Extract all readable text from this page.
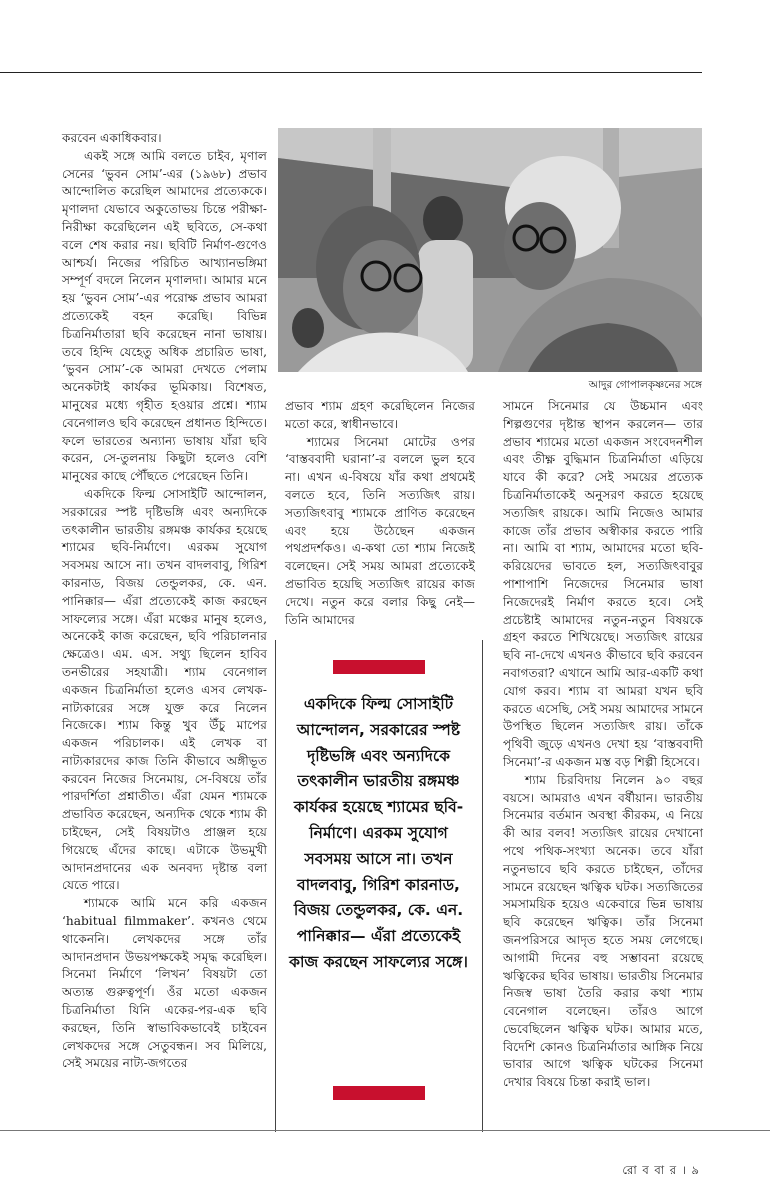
করবেন একাধিকবার।

একই সঙ্গে আমি বলতে চাইব, মৃণাল সেনের ‘ভুবন সোম’-এর (১৯৬৮) প্রভাব আন্দোলিত করেছিল আমাদের প্রত্যেককে। মৃণালদা যেভাবে অকুতোভয় চিন্তে পরীক্ষা-নিরীক্ষা করেছিলেন এই ছবিতে, সে-কথা বলে শেষ করার নয়। ছবিটি নির্মাণ-গুণেও আশ্চর্য। নিজের পরিচিত আখ্যানভঙ্গিমা সম্পূর্ণ বদলে নিলেন মৃণালদা। আমার মনে হয় ‘ভুবন সোম’-এর পরোক্ষ প্রভাব আমরা প্রত্যেকেই বহন করেছি। বিভিন্ন চিত্রনির্মাতারা ছবি করেছেন নানা ভাষায়। তবে হিন্দি যেহেতু অধিক প্রচারিত ভাষা, ‘ভুবন সোম’-কে আমরা দেখতে পেলাম অনেকটাই কার্যকর ভূমিকায়। বিশেষত, মানুষের মধ্যে গৃহীত হওয়ার প্রশ্নে। শ্যাম বেনেগালও ছবি করেছেন প্রধানত হিন্দিতে। ফলে ভারতের অন্যান্য ভাষায় যাঁরা ছবি করেন, সে-তুলনায় কিছুটা হলেও বেশি মানুষের কাছে পৌঁছতে পেরেছেন তিনি।

একদিকে ফিল্ম সোসাইটি আন্দোলন, সরকারের স্পষ্ট দৃষ্টিভঙ্গি এবং অন্যদিকে তৎকালীন ভারতীয় রঙ্গমঞ্চ কার্যকর হয়েছে শ্যামের ছবি-নির্মাণে। এরকম সুযোগ সবসময় আসে না। তখন বাদলবাবু, গিরিশ কারনাড, বিজয় তেন্ডুলকর, কে. এন. পানিক্কার— এঁরা প্রত্যেকেই কাজ করছেন সাফল্যের সঙ্গে। এঁরা মঞ্চের মানুষ হলেও, অনেকেই কাজ করেছেন, ছবি পরিচালনার ক্ষেত্রেও। এম. এস. সথ্যু ছিলেন হাবিব তনভীরের সহযাত্রী। শ্যাম বেনেগাল একজন চিত্রনির্মাতা হলেও এসব লেখক-নাট্যকারের সঙ্গে যুক্ত করে নিলেন নিজেকে। শ্যাম কিন্তু খুব উঁচু মাপের একজন পরিচালক। এই লেখক বা নাট্যকারদের কাজ তিনি কীভাবে অঙ্গীভূত করবেন নিজের সিনেমায়, সে-বিষয়ে তাঁর পারদর্শিতা প্রশ্নাতীত। এঁরা যেমন শ্যামকে প্রভাবিত করেছেন, অন্যদিক থেকে শ্যাম কী চাইছেন, সেই বিষয়টাও প্রাঞ্জল হয়ে গিয়েছে এঁদের কাছে। এটাকে উভমুখী আদানপ্রদানের এক অনবদ্য দৃষ্টান্ত বলা যেতে পারে।

শ্যামকে আমি মনে করি একজন ‘habitual filmmaker’. কখনও থেমে থাকেননি। লেখকদের সঙ্গে তাঁর আদানপ্রদান উভয়পক্ষকেই সমৃদ্ধ করেছিল। সিনেমা নির্মাণে ‘লিখন’ বিষয়টা তো অত্যন্ত গুরুত্বপূর্ণ। ওঁর মতো একজন চিত্রনির্মাতা যিনি একের-পর-এক ছবি করছেন, তিনি স্বাভাবিকভাবেই চাইবেন লেখকদের সঙ্গে সেতুবন্ধন। সব মিলিয়ে, সেই সময়ের নাট্য-জগতের

আদুর গোপালকৃষ্ণনের সঙ্গে

প্রভাব শ্যাম গ্রহণ করেছিলেন নিজের মতো করে, স্বাধীনভাবে।

শ্যামের সিনেমা মোটের ওপর ‘বাস্তববাদী ঘরানা’-র বললে ভুল হবে না। এখন এ-বিষয়ে যাঁর কথা প্রথমেই বলতে হবে, তিনি সত্যজিৎ রায়। সত্যজিৎবাবু শ্যামকে প্রাণিত করেছেন এবং হয়ে উঠেছেন একজন পথপ্রদর্শকও। এ-কথা তো শ্যাম নিজেই বলেছেন। সেই সময় আমরা প্রত্যেকেই প্রভাবিত হয়েছি সত্যজিৎ রায়ের কাজ দেখে। নতুন করে বলার কিছু নেই— তিনি আমাদের

সামনে সিনেমার যে উচ্চমান এবং শিল্পগুণের দৃষ্টান্ত স্থাপন করলেন— তার প্রভাব শ্যামের মতো একজন সংবেদনশীল এবং তীক্ষ্ণ বুদ্ধিমান চিত্রনির্মাতা এড়িয়ে যাবে কী করে? সেই সময়ের প্রত্যেক চিত্রনির্মাতাকেই অনুসরণ করতে হয়েছে সত্যজিৎ রায়কে। আমি নিজেও আমার কাজে তাঁর প্রভাব অস্বীকার করতে পারি না। আমি বা শ্যাম, আমাদের মতো ছবি-করিয়েদের ভাবতে হল, সত্যজিৎবাবুর পাশাপাশি নিজেদের সিনেমার ভাষা নিজেদেরই নির্মাণ করতে হবে। সেই প্রচেষ্টাই আমাদের নতুন-নতুন বিষয়কে গ্রহণ করতে শিখিয়েছে। সত্যজিৎ রায়ের ছবি না-দেখে এখনও কীভাবে ছবি করবেন নবাগতরা? এখানে আমি আর-একটি কথা যোগ করব। শ্যাম বা আমরা যখন ছবি করতে এসেছি, সেই সময় আমাদের সামনে উপস্থিত ছিলেন সত্যজিৎ রায়। তাঁকে পৃথিবী জুড়ে এখনও দেখা হয় ‘বাস্তববাদী সিনেমা’-র একজন মস্ত বড় শিল্পী হিসেবে।

শ্যাম চিরবিদায় নিলেন ৯০ বছর বয়সে। আমরাও এখন বর্ষীয়ান। ভারতীয় সিনেমার বর্তমান অবস্থা কীরকম, এ নিয়ে কী আর বলব! সত্যজিৎ রায়ের দেখানো পথে পথিক-সংখ্যা অনেক। তবে যাঁরা নতুনভাবে ছবি করতে চাইছেন, তাঁদের সামনে রয়েছেন ঋত্বিক ঘটক। সত্যজিতের সমসাময়িক হয়েও একেবারে ভিন্ন ভাষায় ছবি করেছেন ঋত্বিক। তাঁর সিনেমা জনপরিসরে আদৃত হতে সময় লেগেছে। আগামী দিনের বহু সম্ভাবনা রয়েছে ঋত্বিকের ছবির ভাষায়। ভারতীয় সিনেমার নিজস্ব ভাষা তৈরি করার কথা শ্যাম বেনেগাল বলেছেন। তাঁরও আগে ভেবেছিলেন ঋত্বিক ঘটক। আমার মতে, বিদেশি কোনও চিত্রনির্মাতার আঙ্গিক নিয়ে ভাবার আগে ঋত্বিক ঘটকের সিনেমা দেখার বিষয়ে চিন্তা করাই ভাল।

একদিকে ফিল্ম সোসাইটি আন্দোলন, সরকারের স্পষ্ট দৃষ্টিভঙ্গি এবং অন্যদিকে তৎকালীন ভারতীয় রঙ্গমঞ্চ কার্যকর হয়েছে শ্যামের ছবি-নির্মাণে। এরকম সুযোগ সবসময় আসে না। তখন বাদলবাবু, গিরিশ কারনাড, বিজয় তেন্ডুলকর, কে. এন. পানিক্কার— এঁরা প্রত্যেকেই কাজ করছেন সাফল্যের সঙ্গে।
রো ব বা র । ৯
